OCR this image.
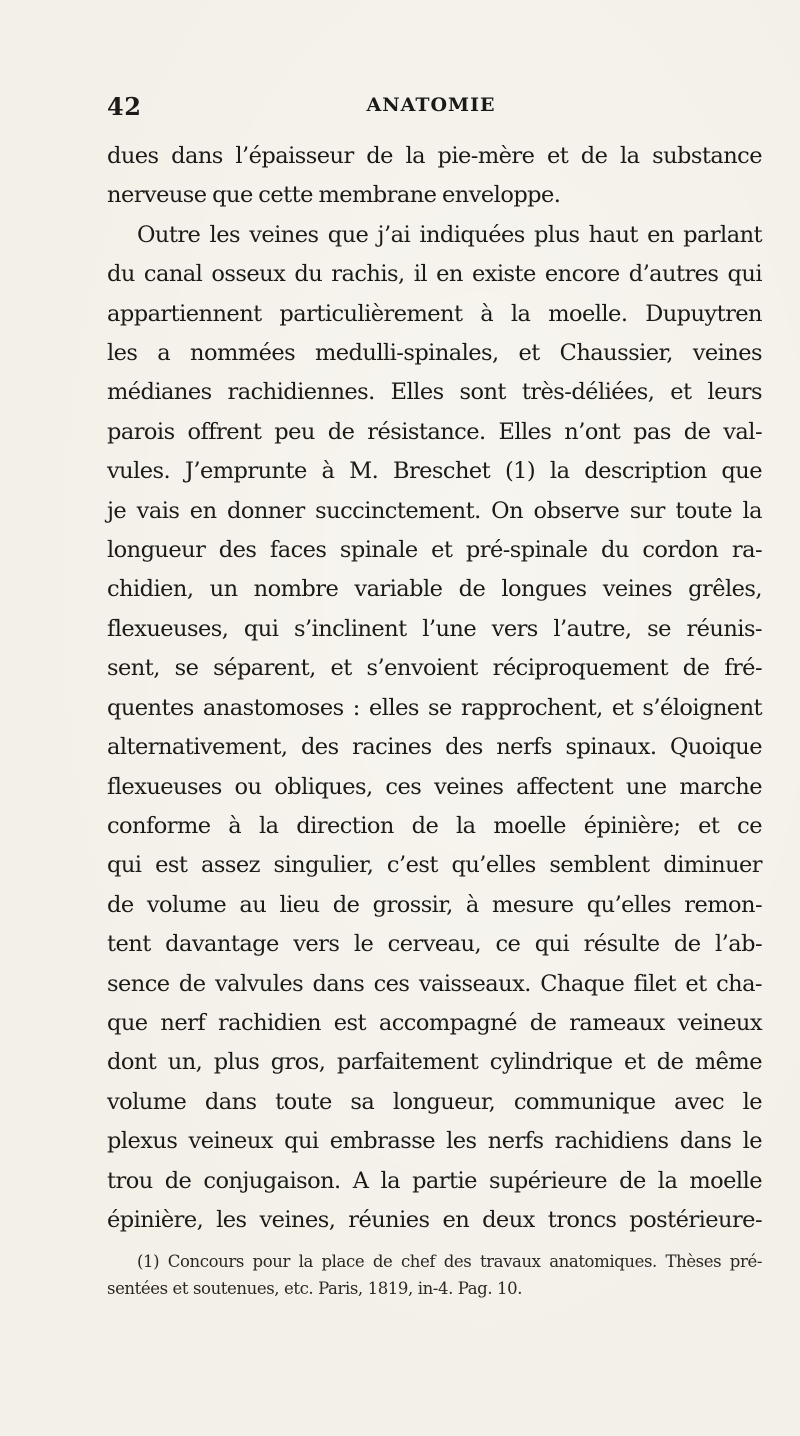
42	ANATOMIE
dues dans l’épaisseur de la pie-mère et de la substance
nerveuse que cette membrane enveloppe.
Outre les veines que j’ai indiquées plus haut en parlant
du canal osseux du rachis, il en existe encore d’autres qui
appartiennent particulièrement à la moelle. Dupuytren
les a nommées medulli-spinales, et Chaussier, veines
médianes rachidiennes. Elles sont très-déliées, et leurs
parois offrent peu de résistance. Elles n’ont pas de val-
vules. J’emprunte à M. Breschet (1) la description que
je vais en donner succinctement. On observe sur toute la
longueur des faces spinale et pré-spinale du cordon ra-
chidien, un nombre variable de longues veines grêles,
flexueuses, qui s’inclinent l’une vers l’autre, se réunis-
sent, se séparent, et s’envoient réciproquement de fré-
quentes anastomoses : elles se rapprochent, et s’éloignent
alternativement, des racines des nerfs spinaux. Quoique
flexueuses ou obliques, ces veines affectent une marche
conforme à la direction de la moelle épinière; et ce
qui est assez singulier, c’est qu’elles semblent diminuer
de volume au lieu de grossir, à mesure qu’elles remon-
tent davantage vers le cerveau, ce qui résulte de l’ab-
sence de valvules dans ces vaisseaux. Chaque filet et cha-
que nerf rachidien est accompagné de rameaux veineux
dont un, plus gros, parfaitement cylindrique et de même
volume dans toute sa longueur, communique avec le
plexus veineux qui embrasse les nerfs rachidiens dans le
trou de conjugaison. A la partie supérieure de la moelle
épinière, les veines, réunies en deux troncs postérieure-
(1) Concours pour la place de chef des travaux anatomiques. Thèses pré-
sentées et soutenues, etc. Paris, 1819, in-4. Pag. 10.
